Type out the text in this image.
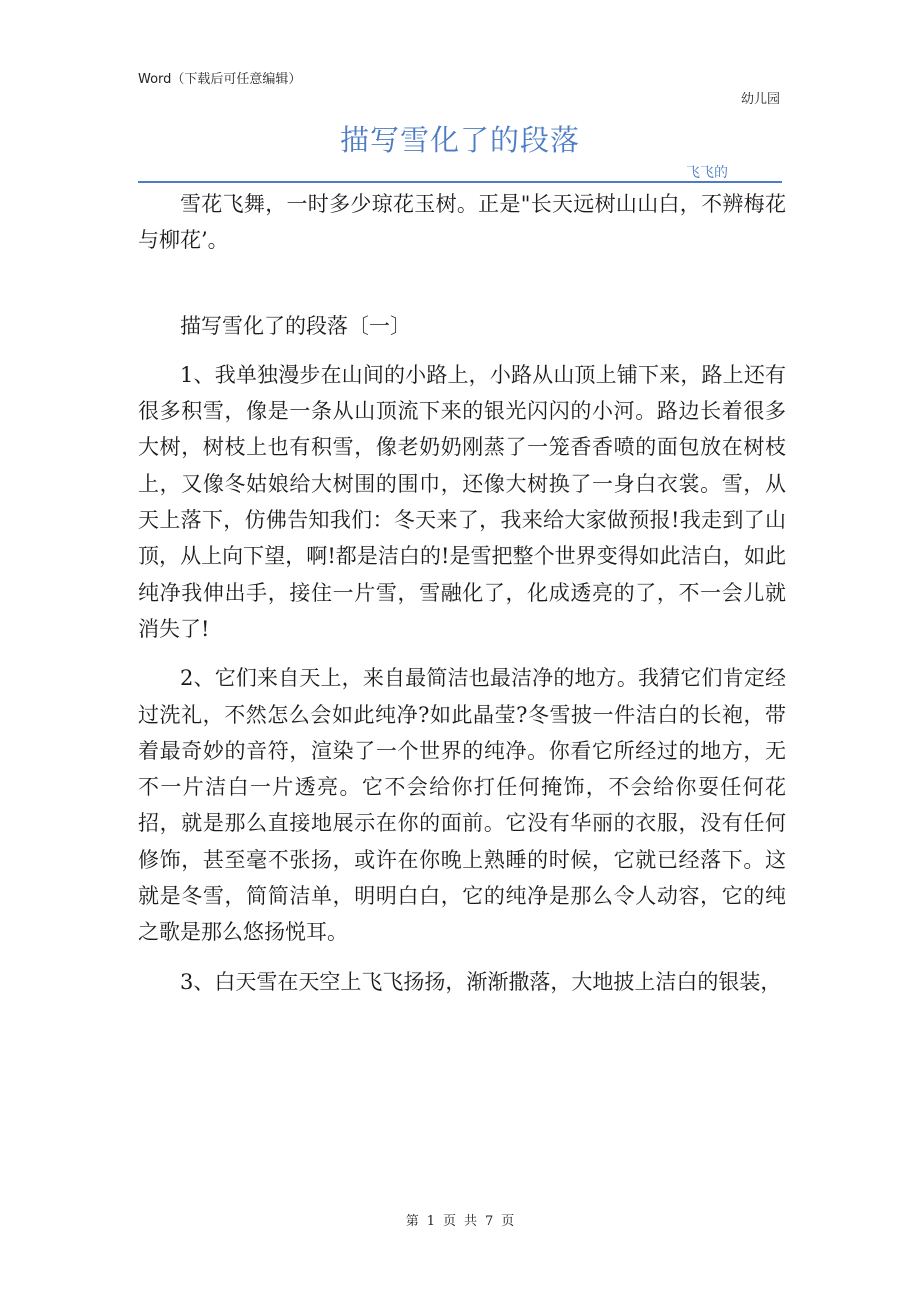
Word（下载后可任意编辑）
幼儿园
描写雪化了的段落
飞飞的

雪花飞舞，一时多少琼花玉树。正是"长天远树山山白，不辨梅花与柳花’。

描写雪化了的段落〔一〕

1、我单独漫步在山间的小路上，小路从山顶上铺下来，路上还有很多积雪，像是一条从山顶流下来的银光闪闪的小河。路边长着很多大树，树枝上也有积雪，像老奶奶刚蒸了一笼香香喷的面包放在树枝上，又像冬姑娘给大树围的围巾，还像大树换了一身白衣裳。雪，从天上落下，仿佛告知我们：冬天来了，我来给大家做预报!我走到了山顶，从上向下望，啊!都是洁白的!是雪把整个世界变得如此洁白，如此纯净我伸出手，接住一片雪，雪融化了，化成透亮的了，不一会儿就消失了!

2、它们来自天上，来自最简洁也最洁净的地方。我猜它们肯定经过洗礼，不然怎么会如此纯净?如此晶莹?冬雪披一件洁白的长袍，带着最奇妙的音符，渲染了一个世界的纯净。你看它所经过的地方，无不一片洁白一片透亮。它不会给你打任何掩饰，不会给你耍任何花招，就是那么直接地展示在你的面前。它没有华丽的衣服，没有任何修饰，甚至毫不张扬，或许在你晚上熟睡的时候，它就已经落下。这就是冬雪，简简洁单，明明白白，它的纯净是那么令人动容，它的纯之歌是那么悠扬悦耳。

3、白天雪在天空上飞飞扬扬，渐渐撒落，大地披上洁白的银装，

第 1 页 共 7 页
